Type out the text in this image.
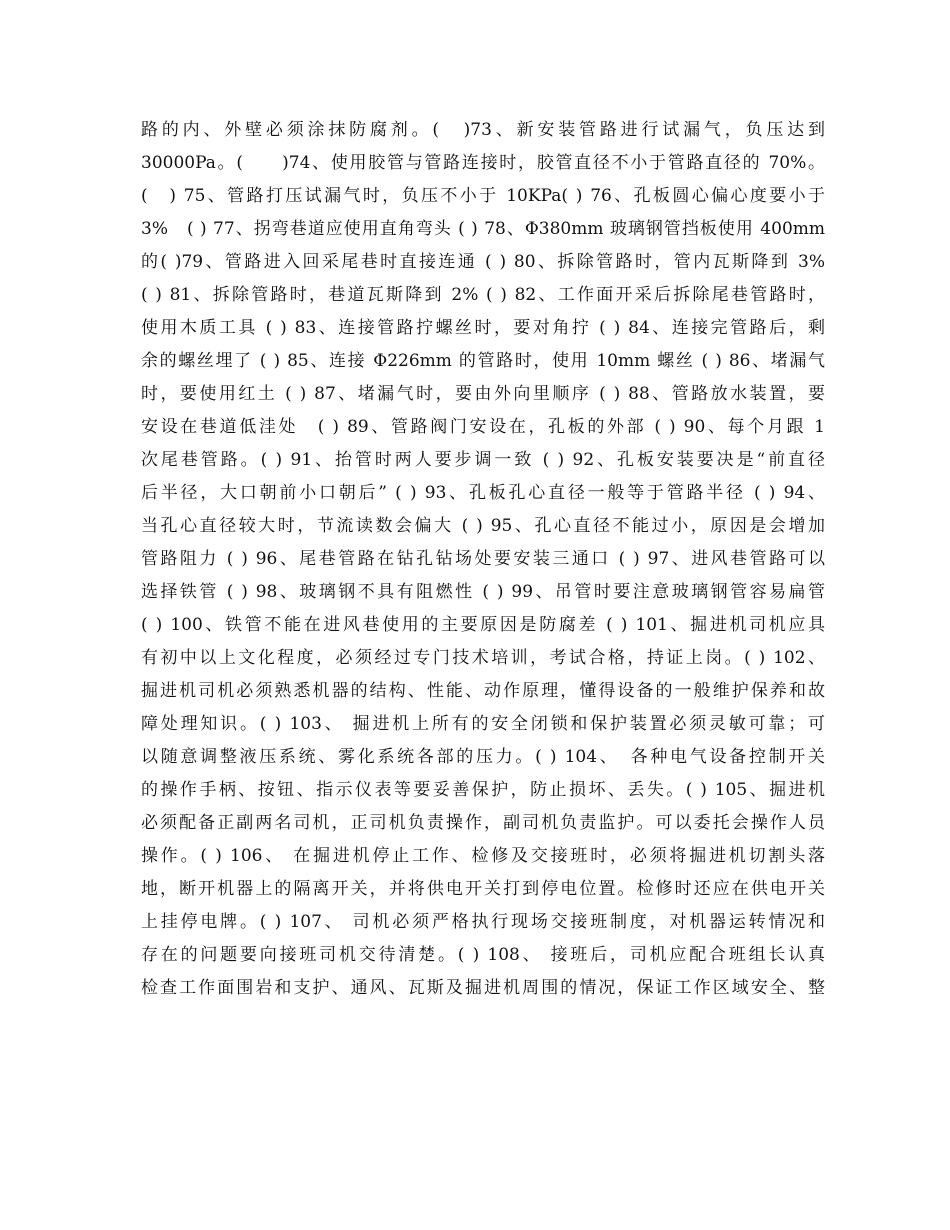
路的内、外壁必须涂抹防腐剂。(　)73、新安装管路进行试漏气，负压达到
30000Pa。(　　)74、使用胶管与管路连接时，胶管直径不小于管路直径的 70%。
(　) 75、管路打压试漏气时，负压不小于 10KPa( ) 76、孔板圆心偏心度要小于
3%　( ) 77、拐弯巷道应使用直角弯头 ( ) 78、Φ380mm 玻璃钢管挡板使用 400mm
的( )79、管路进入回采尾巷时直接连通 ( ) 80、拆除管路时，管内瓦斯降到 3%
( ) 81、拆除管路时，巷道瓦斯降到 2% ( ) 82、工作面开采后拆除尾巷管路时，
使用木质工具 ( ) 83、连接管路拧螺丝时，要对角拧 ( ) 84、连接完管路后，剩
余的螺丝埋了 ( ) 85、连接 Φ226mm 的管路时，使用 10mm 螺丝 ( ) 86、堵漏气
时，要使用红土 ( ) 87、堵漏气时，要由外向里顺序 ( ) 88、管路放水装置，要
安设在巷道低洼处　( ) 89、管路阀门安设在，孔板的外部 ( ) 90、每个月跟 1
次尾巷管路。( ) 91、抬管时两人要步调一致 ( ) 92、孔板安装要决是“前直径
后半径，大口朝前小口朝后” ( ) 93、孔板孔心直径一般等于管路半径 ( ) 94、
当孔心直径较大时，节流读数会偏大 ( ) 95、孔心直径不能过小，原因是会增加
管路阻力 ( ) 96、尾巷管路在钻孔钻场处要安装三通口 ( ) 97、进风巷管路可以
选择铁管 ( ) 98、玻璃钢不具有阻燃性 ( ) 99、吊管时要注意玻璃钢管容易扁管
( ) 100、铁管不能在进风巷使用的主要原因是防腐差 ( ) 101、掘进机司机应具
有初中以上文化程度，必须经过专门技术培训，考试合格，持证上岗。( ) 102、
掘进机司机必须熟悉机器的结构、性能、动作原理，懂得设备的一般维护保养和故
障处理知识。( ) 103、 掘进机上所有的安全闭锁和保护装置必须灵敏可靠；可
以随意调整液压系统、雾化系统各部的压力。( ) 104、　各种电气设备控制开关
的操作手柄、按钮、指示仪表等要妥善保护，防止损坏、丢失。( ) 105、掘进机
必须配备正副两名司机，正司机负责操作，副司机负责监护。可以委托会操作人员
操作。( ) 106、 在掘进机停止工作、检修及交接班时，必须将掘进机切割头落
地，断开机器上的隔离开关，并将供电开关打到停电位置。检修时还应在供电开关
上挂停电牌。( ) 107、 司机必须严格执行现场交接班制度，对机器运转情况和
存在的问题要向接班司机交待清楚。( ) 108、 接班后，司机应配合班组长认真
检查工作面围岩和支护、通风、瓦斯及掘进机周围的情况，保证工作区域安全、整
